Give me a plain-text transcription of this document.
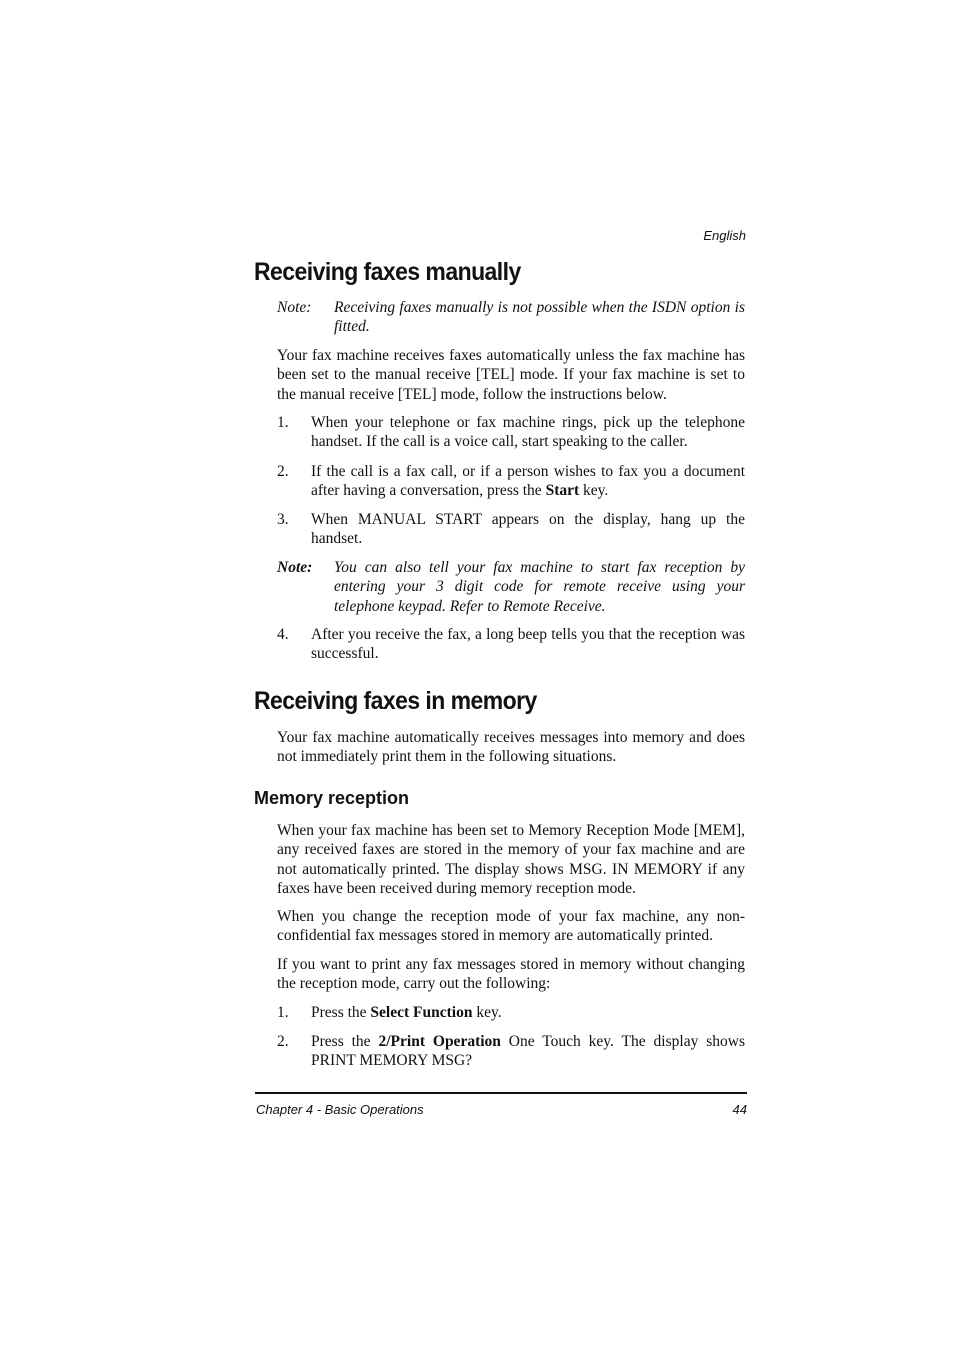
English
Receiving faxes manually
Note: Receiving faxes manually is not possible when the ISDN option is fitted.

Your fax machine receives faxes automatically unless the fax machine has been set to the manual receive [TEL] mode. If your fax machine is set to the manual receive [TEL] mode, follow the instructions below.

1. When your telephone or fax machine rings, pick up the telephone handset. If the call is a voice call, start speaking to the caller.
2. If the call is a fax call, or if a person wishes to fax you a document after having a conversation, press the Start key.
3. When MANUAL START appears on the display, hang up the handset.
Note: You can also tell your fax machine to start fax reception by entering your 3 digit code for remote receive using your telephone keypad. Refer to Remote Receive.
4. After you receive the fax, a long beep tells you that the reception was successful.
Receiving faxes in memory

Your fax machine automatically receives messages into memory and does not immediately print them in the following situations.

Memory reception

When your fax machine has been set to Memory Reception Mode [MEM], any received faxes are stored in the memory of your fax machine and are not automatically printed. The display shows MSG. IN MEMORY if any faxes have been received during memory reception mode.

When you change the reception mode of your fax machine, any non-confidential fax messages stored in memory are automatically printed.

If you want to print any fax messages stored in memory without changing the reception mode, carry out the following:

1. Press the Select Function key.
2. Press the 2/Print Operation One Touch key. The display shows PRINT MEMORY MSG?
Chapter 4 - Basic Operations	44
